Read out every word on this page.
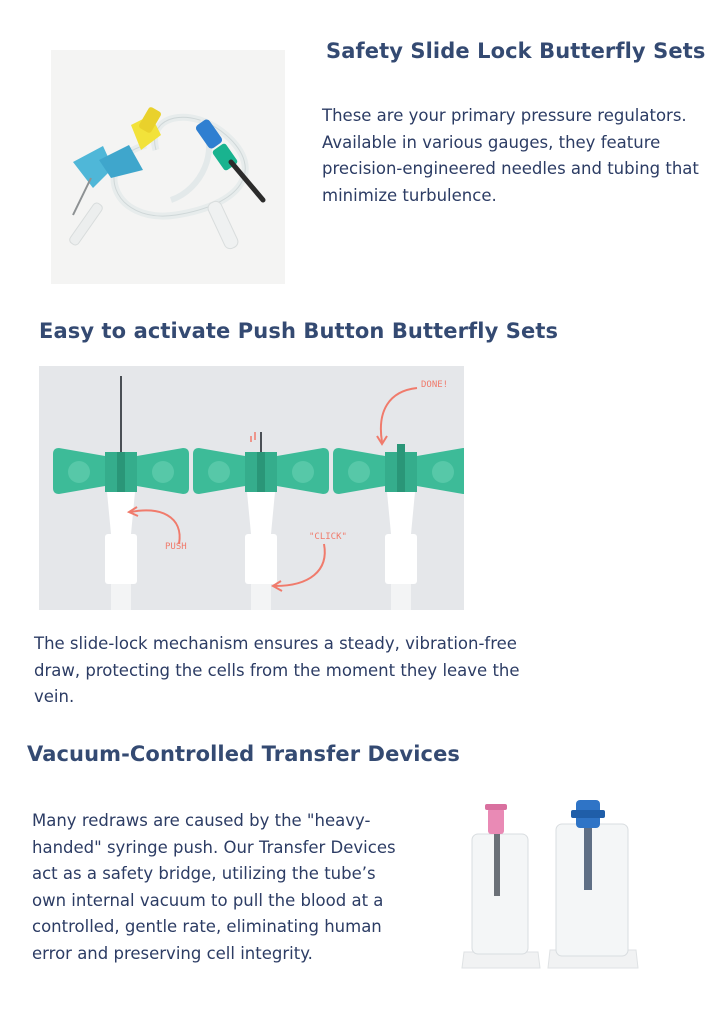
Safety Slide Lock Butterfly Sets

These are your primary pressure regulators. Available in various gauges, they feature precision-engineered needles and tubing that minimize turbulence.

Easy to activate Push Button Butterfly Sets
PUSH
"CLICK"
DONE!

The slide-lock mechanism ensures a steady, vibration-free draw, protecting the cells from the moment they leave the vein.

Vacuum-Controlled Transfer Devices

Many redraws are caused by the "heavy-handed" syringe push. Our Transfer Devices act as a safety bridge, utilizing the tube’s own internal vacuum to pull the blood at a controlled, gentle rate, eliminating human error and preserving cell integrity.
